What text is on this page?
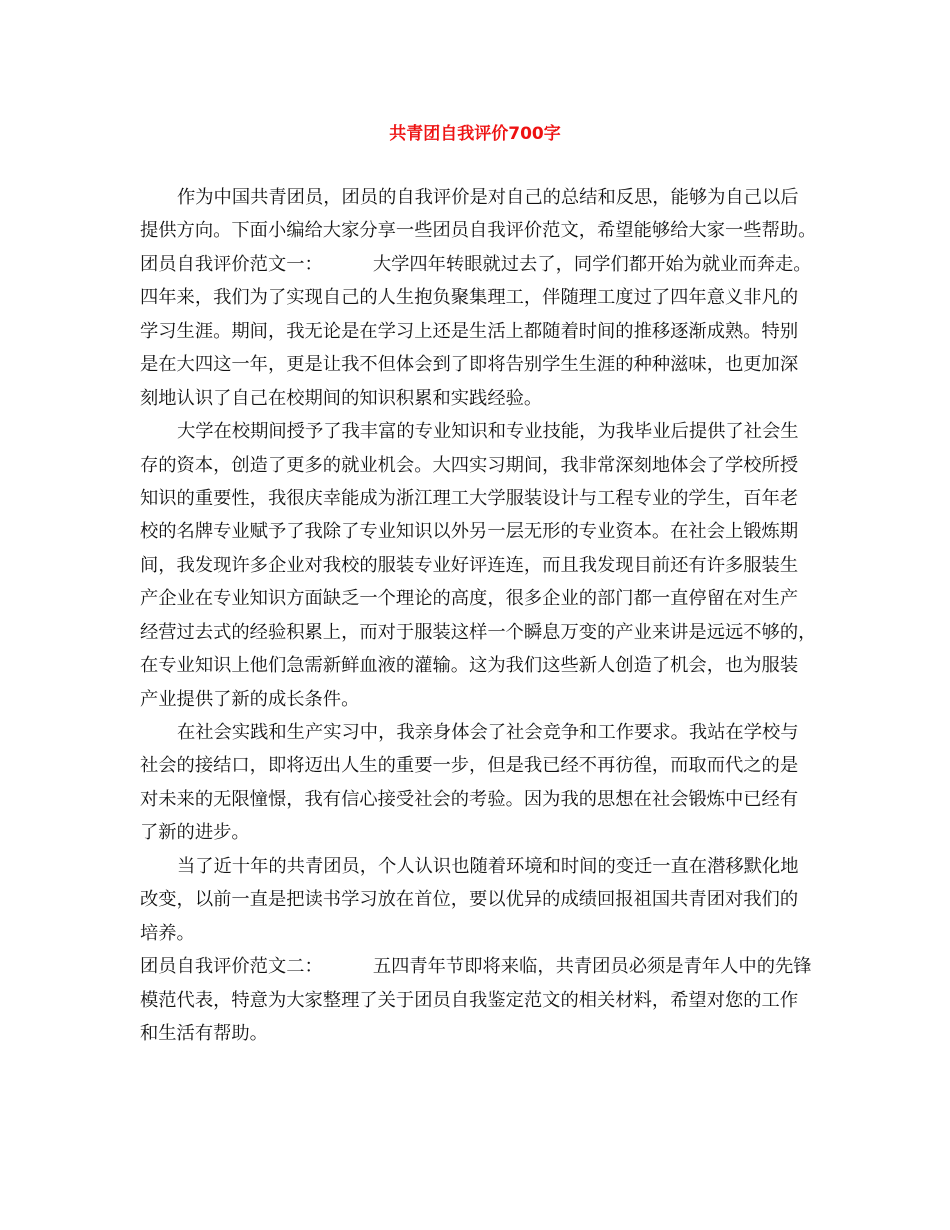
共青团自我评价700字
作为中国共青团员，团员的自我评价是对自己的总结和反思，能够为自己以后
提供方向。下面小编给大家分享一些团员自我评价范文，希望能够给大家一些帮助。
团员自我评价范文一：	大学四年转眼就过去了，同学们都开始为就业而奔走。
四年来，我们为了实现自己的人生抱负聚集理工，伴随理工度过了四年意义非凡的
学习生涯。期间，我无论是在学习上还是生活上都随着时间的推移逐渐成熟。特别
是在大四这一年，更是让我不但体会到了即将告别学生生涯的种种滋味，也更加深
刻地认识了自己在校期间的知识积累和实践经验。
大学在校期间授予了我丰富的专业知识和专业技能，为我毕业后提供了社会生
存的资本，创造了更多的就业机会。大四实习期间，我非常深刻地体会了学校所授
知识的重要性，我很庆幸能成为浙江理工大学服装设计与工程专业的学生，百年老
校的名牌专业赋予了我除了专业知识以外另一层无形的专业资本。在社会上锻炼期
间，我发现许多企业对我校的服装专业好评连连，而且我发现目前还有许多服装生
产企业在专业知识方面缺乏一个理论的高度，很多企业的部门都一直停留在对生产
经营过去式的经验积累上，而对于服装这样一个瞬息万变的产业来讲是远远不够的，
在专业知识上他们急需新鲜血液的灌输。这为我们这些新人创造了机会，也为服装
产业提供了新的成长条件。
在社会实践和生产实习中，我亲身体会了社会竞争和工作要求。我站在学校与
社会的接结口，即将迈出人生的重要一步，但是我已经不再彷徨，而取而代之的是
对未来的无限憧憬，我有信心接受社会的考验。因为我的思想在社会锻炼中已经有
了新的进步。
当了近十年的共青团员，个人认识也随着环境和时间的变迁一直在潜移默化地
改变，以前一直是把读书学习放在首位，要以优异的成绩回报祖国共青团对我们的
培养。
团员自我评价范文二：	五四青年节即将来临，共青团员必须是青年人中的先锋
模范代表，特意为大家整理了关于团员自我鉴定范文的相关材料，希望对您的工作
和生活有帮助。
